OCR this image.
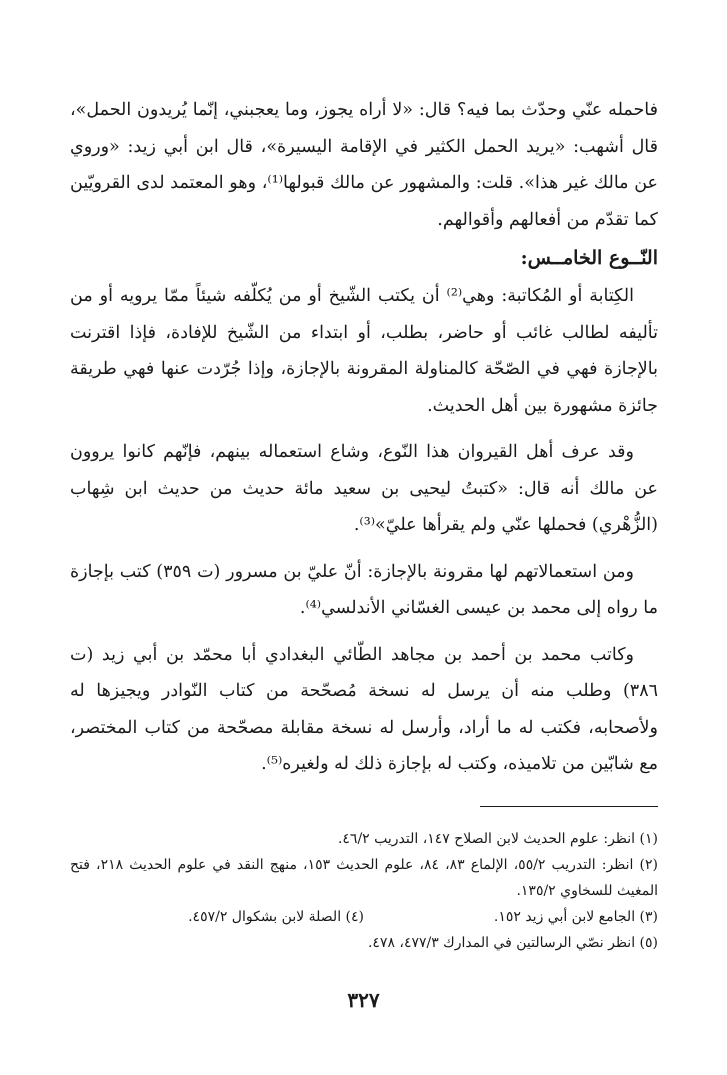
فاحمله عنّي وحدّث بما فيه؟ قال: «لا أراه يجوز، وما يعجبني، إنّما يُريدون الحمل»، قال أشهب: «يريد الحمل الكثير في الإقامة اليسيرة»، قال ابن أبي زيد: «وروي عن مالك غير هذا». قلت: والمشهور عن مالك قبولها⁽¹⁾، وهو المعتمد لدى القرويّين كما تقدّم من أفعالهم وأقوالهم.

النّــوع الخامــس:

الكِتابة أو المُكاتبة: وهي⁽²⁾ أن يكتب الشّيخ أو من يُكلّفه شيئاً ممّا يرويه أو من تأليفه لطالب غائب أو حاضر، بطلب، أو ابتداء من الشّيخ للإفادة، فإذا اقترنت بالإجازة فهي في الصّحّة كالمناولة المقرونة بالإجازة، وإذا جُرّدت عنها فهي طريقة جائزة مشهورة بين أهل الحديث.

وقد عرف أهل القيروان هذا النّوع، وشاع استعماله بينهم، فإنّهم كانوا يروون عن مالك أنه قال: «كتبتُ ليحيى بن سعيد مائة حديث من حديث ابن شِهاب (الزُّهْري) فحملها عنّي ولم يقرأها عليّ»⁽³⁾.

ومن استعمالاتهم لها مقرونة بالإجازة: أنّ عليّ بن مسرور (ت ٣٥٩) كتب بإجازة ما رواه إلى محمد بن عيسى الغسّاني الأندلسي⁽⁴⁾.

وكاتب محمد بن أحمد بن مجاهد الطّائي البغدادي أبا محمّد بن أبي زيد (ت ٣٨٦) وطلب منه أن يرسل له نسخة مُصحّحة من كتاب النّوادر ويجيزها له ولأصحابه، فكتب له ما أراد، وأرسل له نسخة مقابلة مصحّحة من كتاب المختصر، مع شابّين من تلاميذه، وكتب له بإجازة ذلك له ولغيره⁽⁵⁾.

(١) انظر: علوم الحديث لابن الصلاح ١٤٧، التدريب ٤٦/٢.

(٢) انظر: التدريب ٥٥/٢، الإلماع ٨٣، ٨٤، علوم الحديث ١٥٣، منهج النقد في علوم الحديث ٢١٨، فتح المغيث للسخاوي ١٣٥/٢.

(٣) الجامع لابن أبي زيد ١٥٢.
(٤) الصلة لابن بشكوال ٤٥٧/٢.

(٥) انظر نصّي الرسالتين في المدارك ٤٧٧/٣، ٤٧٨.

٣٢٧
